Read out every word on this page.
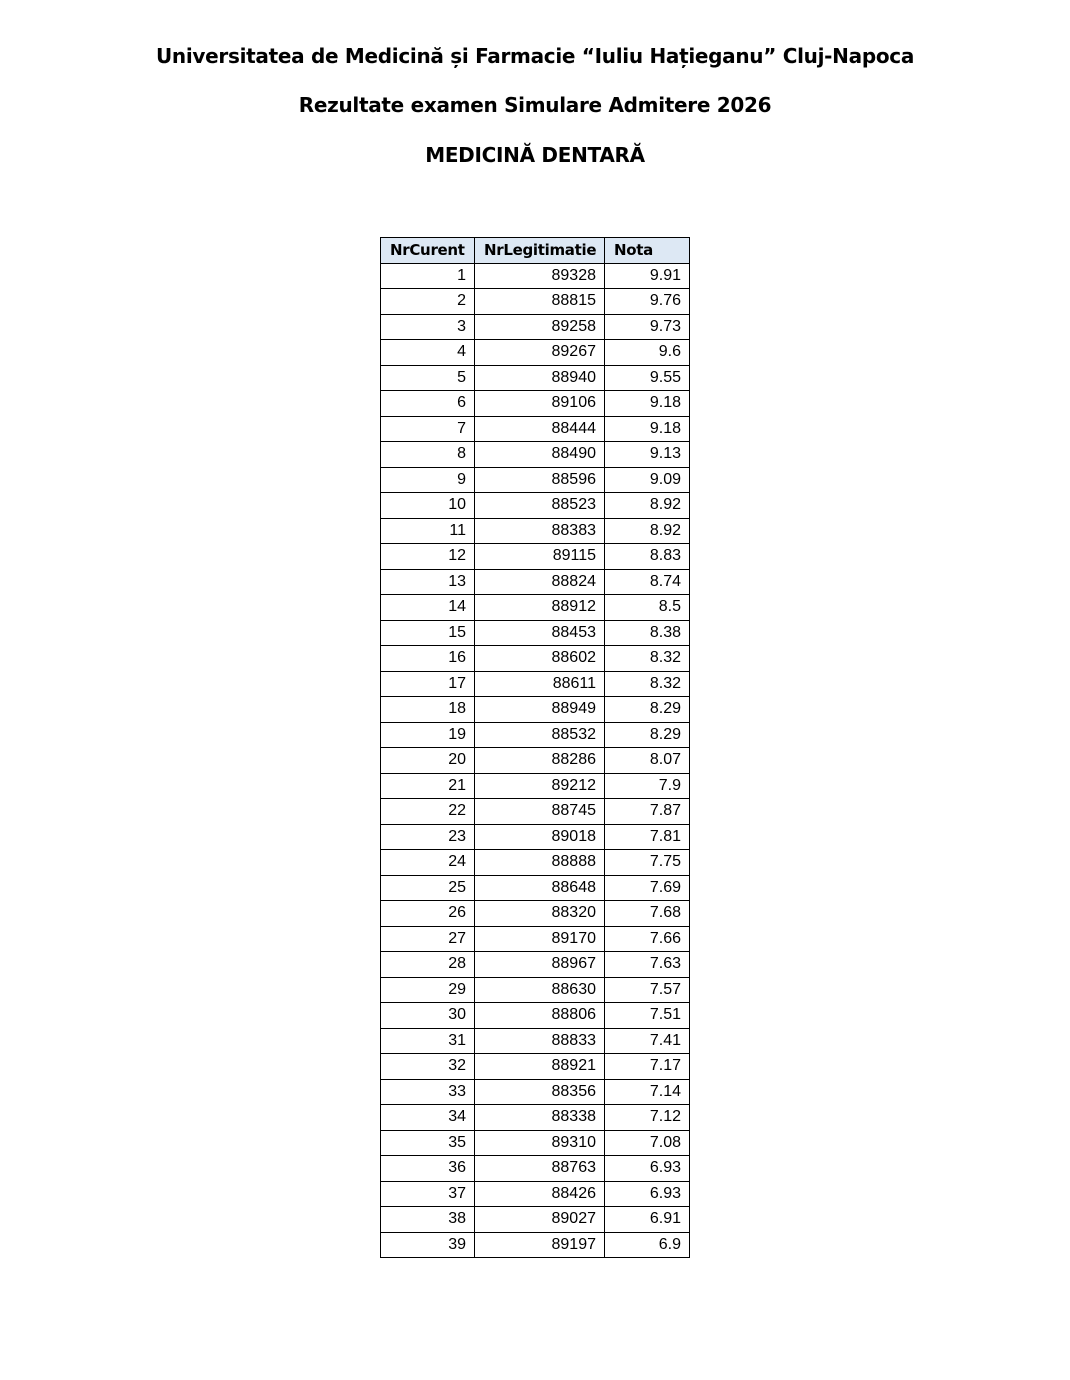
Universitatea de Medicină și Farmacie “Iuliu Hațieganu” Cluj-Napoca
Rezultate examen Simulare Admitere 2026
MEDICINĂ DENTARĂ
NrCurent	NrLegitimatie	Nota
1	89328	9.91
2	88815	9.76
3	89258	9.73
4	89267	9.6
5	88940	9.55
6	89106	9.18
7	88444	9.18
8	88490	9.13
9	88596	9.09
10	88523	8.92
11	88383	8.92
12	89115	8.83
13	88824	8.74
14	88912	8.5
15	88453	8.38
16	88602	8.32
17	88611	8.32
18	88949	8.29
19	88532	8.29
20	88286	8.07
21	89212	7.9
22	88745	7.87
23	89018	7.81
24	88888	7.75
25	88648	7.69
26	88320	7.68
27	89170	7.66
28	88967	7.63
29	88630	7.57
30	88806	7.51
31	88833	7.41
32	88921	7.17
33	88356	7.14
34	88338	7.12
35	89310	7.08
36	88763	6.93
37	88426	6.93
38	89027	6.91
39	89197	6.9
